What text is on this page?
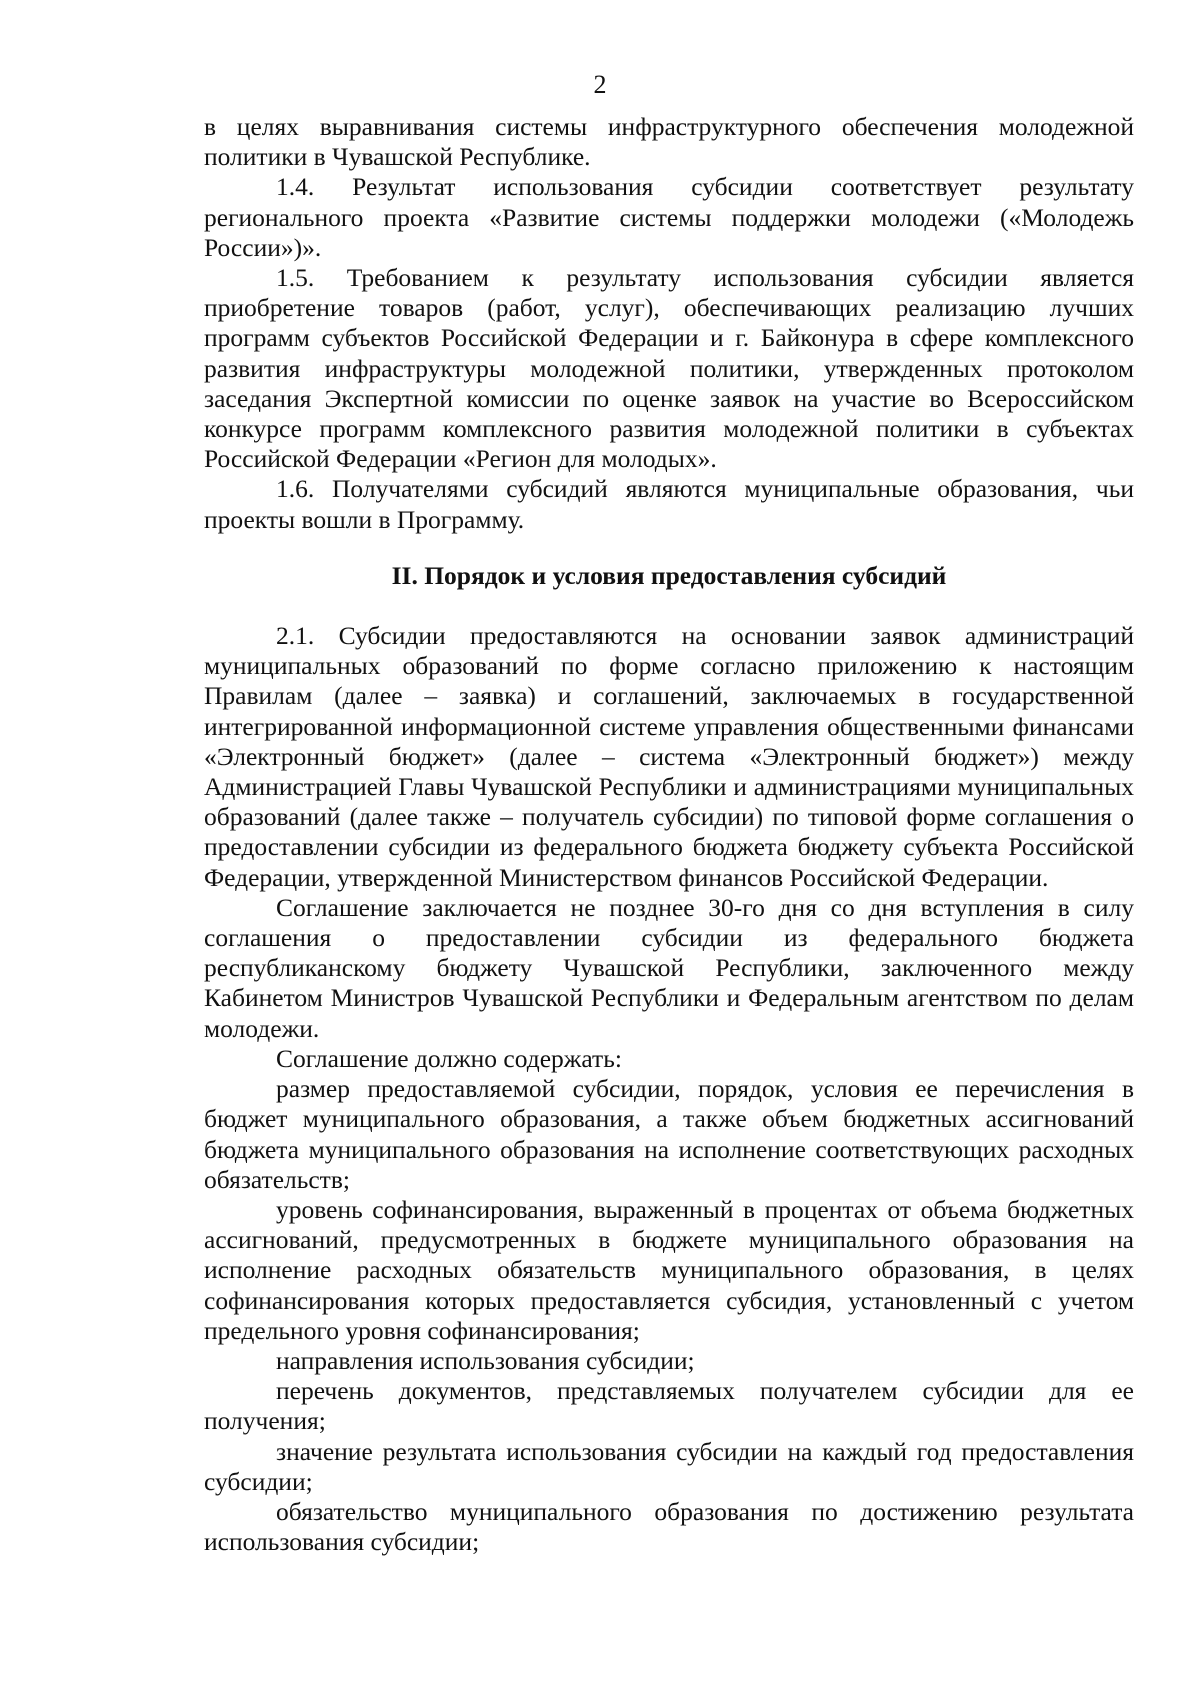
2

в целях выравнивания системы инфраструктурного обеспечения молодежной политики в Чувашской Республике.

1.4. Результат использования субсидии соответствует результату регионального проекта «Развитие системы поддержки молодежи («Молодежь России»)».

1.5. Требованием к результату использования субсидии является приобретение товаров (работ, услуг), обеспечивающих реализацию лучших программ субъектов Российской Федерации и г. Байконура в сфере комплексного развития инфраструктуры молодежной политики, утвержденных протоколом заседания Экспертной комиссии по оценке заявок на участие во Всероссийском конкурсе программ комплексного развития молодежной политики в субъектах Российской Федерации «Регион для молодых».

1.6. Получателями субсидий являются муниципальные образования, чьи проекты вошли в Программу.

II. Порядок и условия предоставления субсидий

2.1. Субсидии предоставляются на основании заявок администраций муниципальных образований по форме согласно приложению к настоящим Правилам (далее – заявка) и соглашений, заключаемых в государственной интегрированной информационной системе управления общественными финансами «Электронный бюджет» (далее – система «Электронный бюджет») между Администрацией Главы Чувашской Республики и администрациями муниципальных образований (далее также – получатель субсидии) по типовой форме соглашения о предоставлении субсидии из федерального бюджета бюджету субъекта Российской Федерации, утвержденной Министерством финансов Российской Федерации.

Соглашение заключается не позднее 30-го дня со дня вступления в силу соглашения о предоставлении субсидии из федерального бюджета республиканскому бюджету Чувашской Республики, заключенного между Кабинетом Министров Чувашской Республики и Федеральным агентством по делам молодежи.

Соглашение должно содержать:

размер предоставляемой субсидии, порядок, условия ее перечисления в бюджет муниципального образования, а также объем бюджетных ассигнований бюджета муниципального образования на исполнение соответствующих расходных обязательств;

уровень софинансирования, выраженный в процентах от объема бюджетных ассигнований, предусмотренных в бюджете муниципального образования на исполнение расходных обязательств муниципального образования, в целях софинансирования которых предоставляется субсидия, установленный с учетом предельного уровня софинансирования;

направления использования субсидии;

перечень документов, представляемых получателем субсидии для ее получения;

значение результата использования субсидии на каждый год предоставления субсидии;

обязательство муниципального образования по достижению результата использования субсидии;
